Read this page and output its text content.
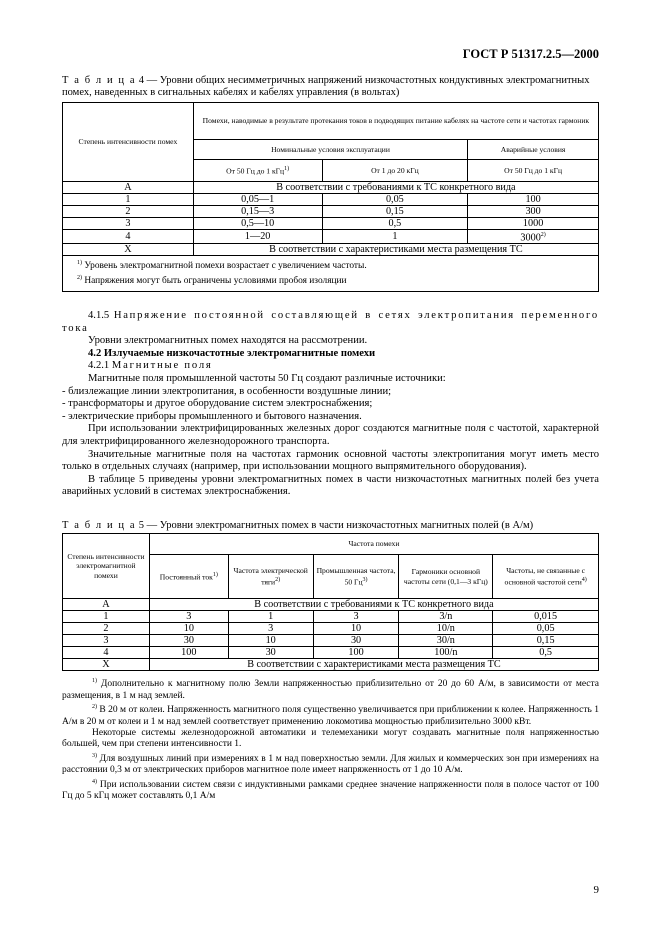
ГОСТ Р 51317.2.5—2000
Т а б л и ц а 4 — Уровни общих несимметричных напряжений низкочастотных кондуктивных электромагнитных помех, наведенных в сигнальных кабелях и кабелях управления (в вольтах)
Степень интенсивности помех	Помехи, наводимые в результате протекания токов в подводящих питание кабелях на частоте сети и частотах гармоник		
	Номинальные условия эксплуатации		Аварийные условия
	От 50 Гц до 1 кГц$^{1)}$	От 1 до 20 кГц	От 50 Гц до 1 кГц
A	В соответствии с требованиями к ТС конкретного вида		
1	0,05—1	0,05	100
2	0,15—3	0,15	300
3	0,5—10	0,5	1000
4	1—20	1	3000$^{2)}$
X	В соответствии с характеристиками места размещения ТС		

$^{1)}$ Уровень электромагнитной помехи возрастает с увеличением частоты.
$^{2)}$ Напряжения могут быть ограничены условиями пробоя изоляции			

4.1.5 Напряжение постоянной составляющей в сетях электропитания переменного тока

Уровни электромагнитных помех находятся на рассмотрении.

4.2 Излучаемые низкочастотные электромагнитные помехи

4.2.1 Магнитные поля

Магнитные поля промышленной частоты 50 Гц создают различные источники:

- близлежащие линии электропитания, в особенности воздушные линии;

- трансформаторы и другое оборудование систем электроснабжения;

- электрические приборы промышленного и бытового назначения.

При использовании электрифицированных железных дорог создаются магнитные поля с частотой, характерной для электрифицированного железнодорожного транспорта.

Значительные магнитные поля на частотах гармоник основной частоты электропитания могут иметь место только в отдельных случаях (например, при использовании мощного выпрямительного оборудования).

В таблице 5 приведены уровни электромагнитных помех в части низкочастотных магнитных полей без учета аварийных условий в системах электроснабжения.

Т а б л и ц а 5 — Уровни электромагнитных помех в части низкочастотных магнитных полей (в А/м)
Степень интенсивности электромагнитной помехи	Частота помехи				
	Постоянный ток$^{1)}$	Частота электрической тяги$^{2)}$	Промышленная частота, 50 $Гц^{3)}$	Гармоники основной частоты сети (0,1—3 кГц)	Частоты, не связанные с основной частотой сети$^{4)}$
A	В соответствии с требованиями к ТС конкретного вида				
1	3	1	3	3/n	0,015
2	10	3	10	10/n	0,05
3	30	10	30	30/n	0,15
4	100	30	100	100/n	0,5
X	В соответствии с характеристиками места размещения ТС				

$^{1)}$ Дополнительно к магнитному полю Земли напряженностью приблизительно от 20 до 60 А/м, в зависимости от места размещения, в 1 м над землей.

$^{2)}$ В 20 м от колеи. Напряженность магнитного поля существенно увеличивается при приближении к колее. Напряженность 1 А/м в 20 м от колеи и 1 м над землей соответствует применению локомотива мощностью приблизительно 3000 кВт.

Некоторые системы железнодорожной автоматики и телемеханики могут создавать магнитные поля напряженностью большей, чем при степени интенсивности 1.

$^{3)}$ Для воздушных линий при измерениях в 1 м над поверхностью земли. Для жилых и коммерческих зон при измерениях на расстоянии 0,3 м от электрических приборов магнитное поле имеет напряженность от 1 до 10 А/м.

$^{4)}$ При использовании систем связи с индуктивными рамками среднее значение напряженности поля в полосе частот от 100 Гц до 5 кГц может составлять 0,1 А/м

9
